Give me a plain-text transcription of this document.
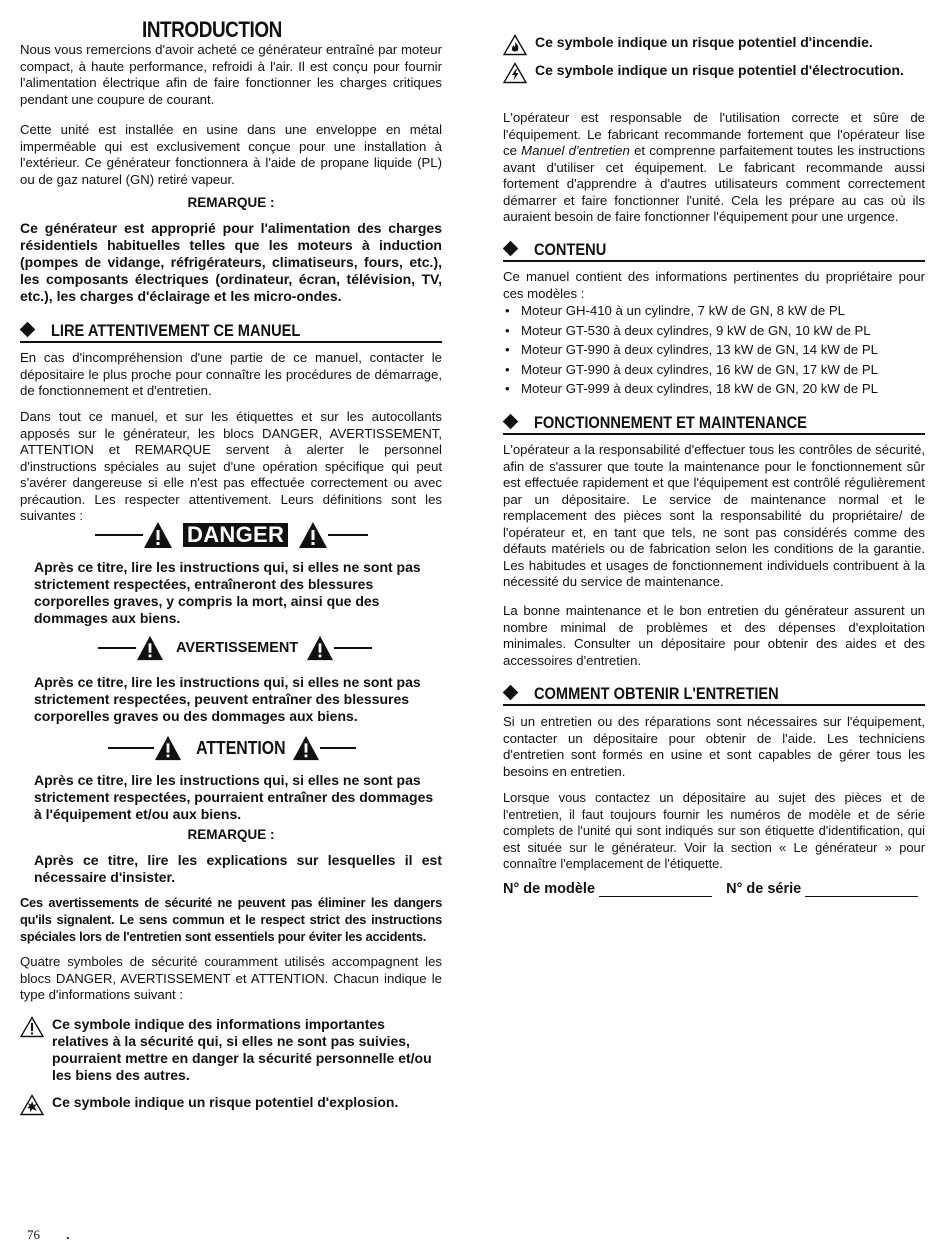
INTRODUCTION

Nous vous remercions d'avoir acheté ce générateur entraîné par moteur compact, à haute performance, refroidi à l'air. Il est conçu pour fournir l'alimentation électrique afin de faire fonctionner les charges critiques pendant une coupure de courant.

Cette unité est installée en usine dans une enveloppe en métal imperméable qui est exclusivement conçue pour une installation à l'extérieur. Ce générateur fonctionnera à l'aide de propane liquide (PL) ou de gaz naturel (GN) retiré vapeur.

REMARQUE :

Ce générateur est approprié pour l'alimentation des charges résidentiels habituelles telles que les moteurs à induction (pompes de vidange, réfrigérateurs, climatiseurs, fours, etc.), les composants électriques (ordinateur, écran, télévision, TV, etc.), les charges d'éclairage et les micro-ondes.

LIRE ATTENTIVEMENT CE MANUEL

En cas d'incompréhension d'une partie de ce manuel, contacter le dépositaire le plus proche pour connaître les procédures de démarrage, de fonctionnement et d'entretien.

Dans tout ce manuel, et sur les étiquettes et sur les autocollants apposés sur le générateur, les blocs DANGER, AVERTISSEMENT, ATTENTION et REMARQUE servent à alerter le personnel d'instructions spéciales au sujet d'une opération spécifique qui peut s'avérer dangereuse si elle n'est pas effectuée correctement ou avec précaution. Les respecter attentivement. Leurs définitions sont les suivantes :

DANGER

Après ce titre, lire les instructions qui, si elles ne sont pas strictement respectées, entraîneront des blessures corporelles graves, y compris la mort, ainsi que des dommages aux biens.

AVERTISSEMENT

Après ce titre, lire les instructions qui, si elles ne sont pas strictement respectées, peuvent entraîner des blessures corporelles graves ou des dommages aux biens.

ATTENTION

Après ce titre, lire les instructions qui, si elles ne sont pas strictement respectées, pourraient entraîner des dommages à l'équipement et/ou aux biens.

REMARQUE :

Après ce titre, lire les explications sur lesquelles il est nécessaire d'insister.

Ces avertissements de sécurité ne peuvent pas éliminer les dangers qu'ils signalent. Le sens commun et le respect strict des instructions spéciales lors de l'entretien sont essentiels pour éviter les accidents.

Quatre symboles de sécurité couramment utilisés accompagnent les blocs DANGER, AVERTISSEMENT et ATTENTION. Chacun indique le type d'informations suivant :

Ce symbole indique des informations importantes relatives à la sécurité qui, si elles ne sont pas suivies, pourraient mettre en danger la sécurité personnelle et/ou les biens des autres.
Ce symbole indique un risque potentiel d'explosion.
Ce symbole indique un risque potentiel d'incendie.
Ce symbole indique un risque potentiel d'électrocution.

L'opérateur est responsable de l'utilisation correcte et sûre de l'équipement. Le fabricant recommande fortement que l'opérateur lise ce Manuel d'entretien et comprenne parfaitement toutes les instructions avant d'utiliser cet équipement. Le fabricant recommande aussi fortement d'apprendre à d'autres utilisateurs comment correctement démarrer et faire fonctionner l'unité. Cela les prépare au cas où ils auraient besoin de faire fonctionner l'équipement pour une urgence.

CONTENU

Ce manuel contient des informations pertinentes du propriétaire pour ces modèles :

• Moteur GH-410 à un cylindre, 7 kW de GN, 8 kW de PL
• Moteur GT-530 à deux cylindres, 9 kW de GN, 10 kW de PL
• Moteur GT-990 à deux cylindres, 13 kW de GN, 14 kW de PL
• Moteur GT-990 à deux cylindres, 16 kW de GN, 17 kW de PL
• Moteur GT-999 à deux cylindres, 18 kW de GN, 20 kW de PL
FONCTIONNEMENT ET MAINTENANCE

L'opérateur a la responsabilité d'effectuer tous les contrôles de sécurité, afin de s'assurer que toute la maintenance pour le fonctionnement sûr est effectuée rapidement et que l'équipement est contrôlé régulièrement par un dépositaire. Le service de maintenance normal et le remplacement des pièces sont la responsabilité du propriétaire/ de l'opérateur et, en tant que tels, ne sont pas considérés comme des défauts matériels ou de fabrication selon les conditions de la garantie. Les habitudes et usages de fonctionnement individuels contribuent à la nécessité du service de maintenance.

La bonne maintenance et le bon entretien du générateur assurent un nombre minimal de problèmes et des dépenses d'exploitation minimales. Consulter un dépositaire pour obtenir des aides et des accessoires d'entretien.

COMMENT OBTENIR L'ENTRETIEN

Si un entretien ou des réparations sont nécessaires sur l'équipement, contacter un dépositaire pour obtenir de l'aide. Les techniciens d'entretien sont formés en usine et sont capables de gérer tous les besoins en entretien.

Lorsque vous contactez un dépositaire au sujet des pièces et de l'entretien, il faut toujours fournir les numéros de modèle et de série complets de l'unité qui sont indiqués sur son étiquette d'identification, qui est située sur le générateur. Voir la section « Le générateur » pour connaître l'emplacement de l'étiquette.

N° de modèle	N° de série
76 .
